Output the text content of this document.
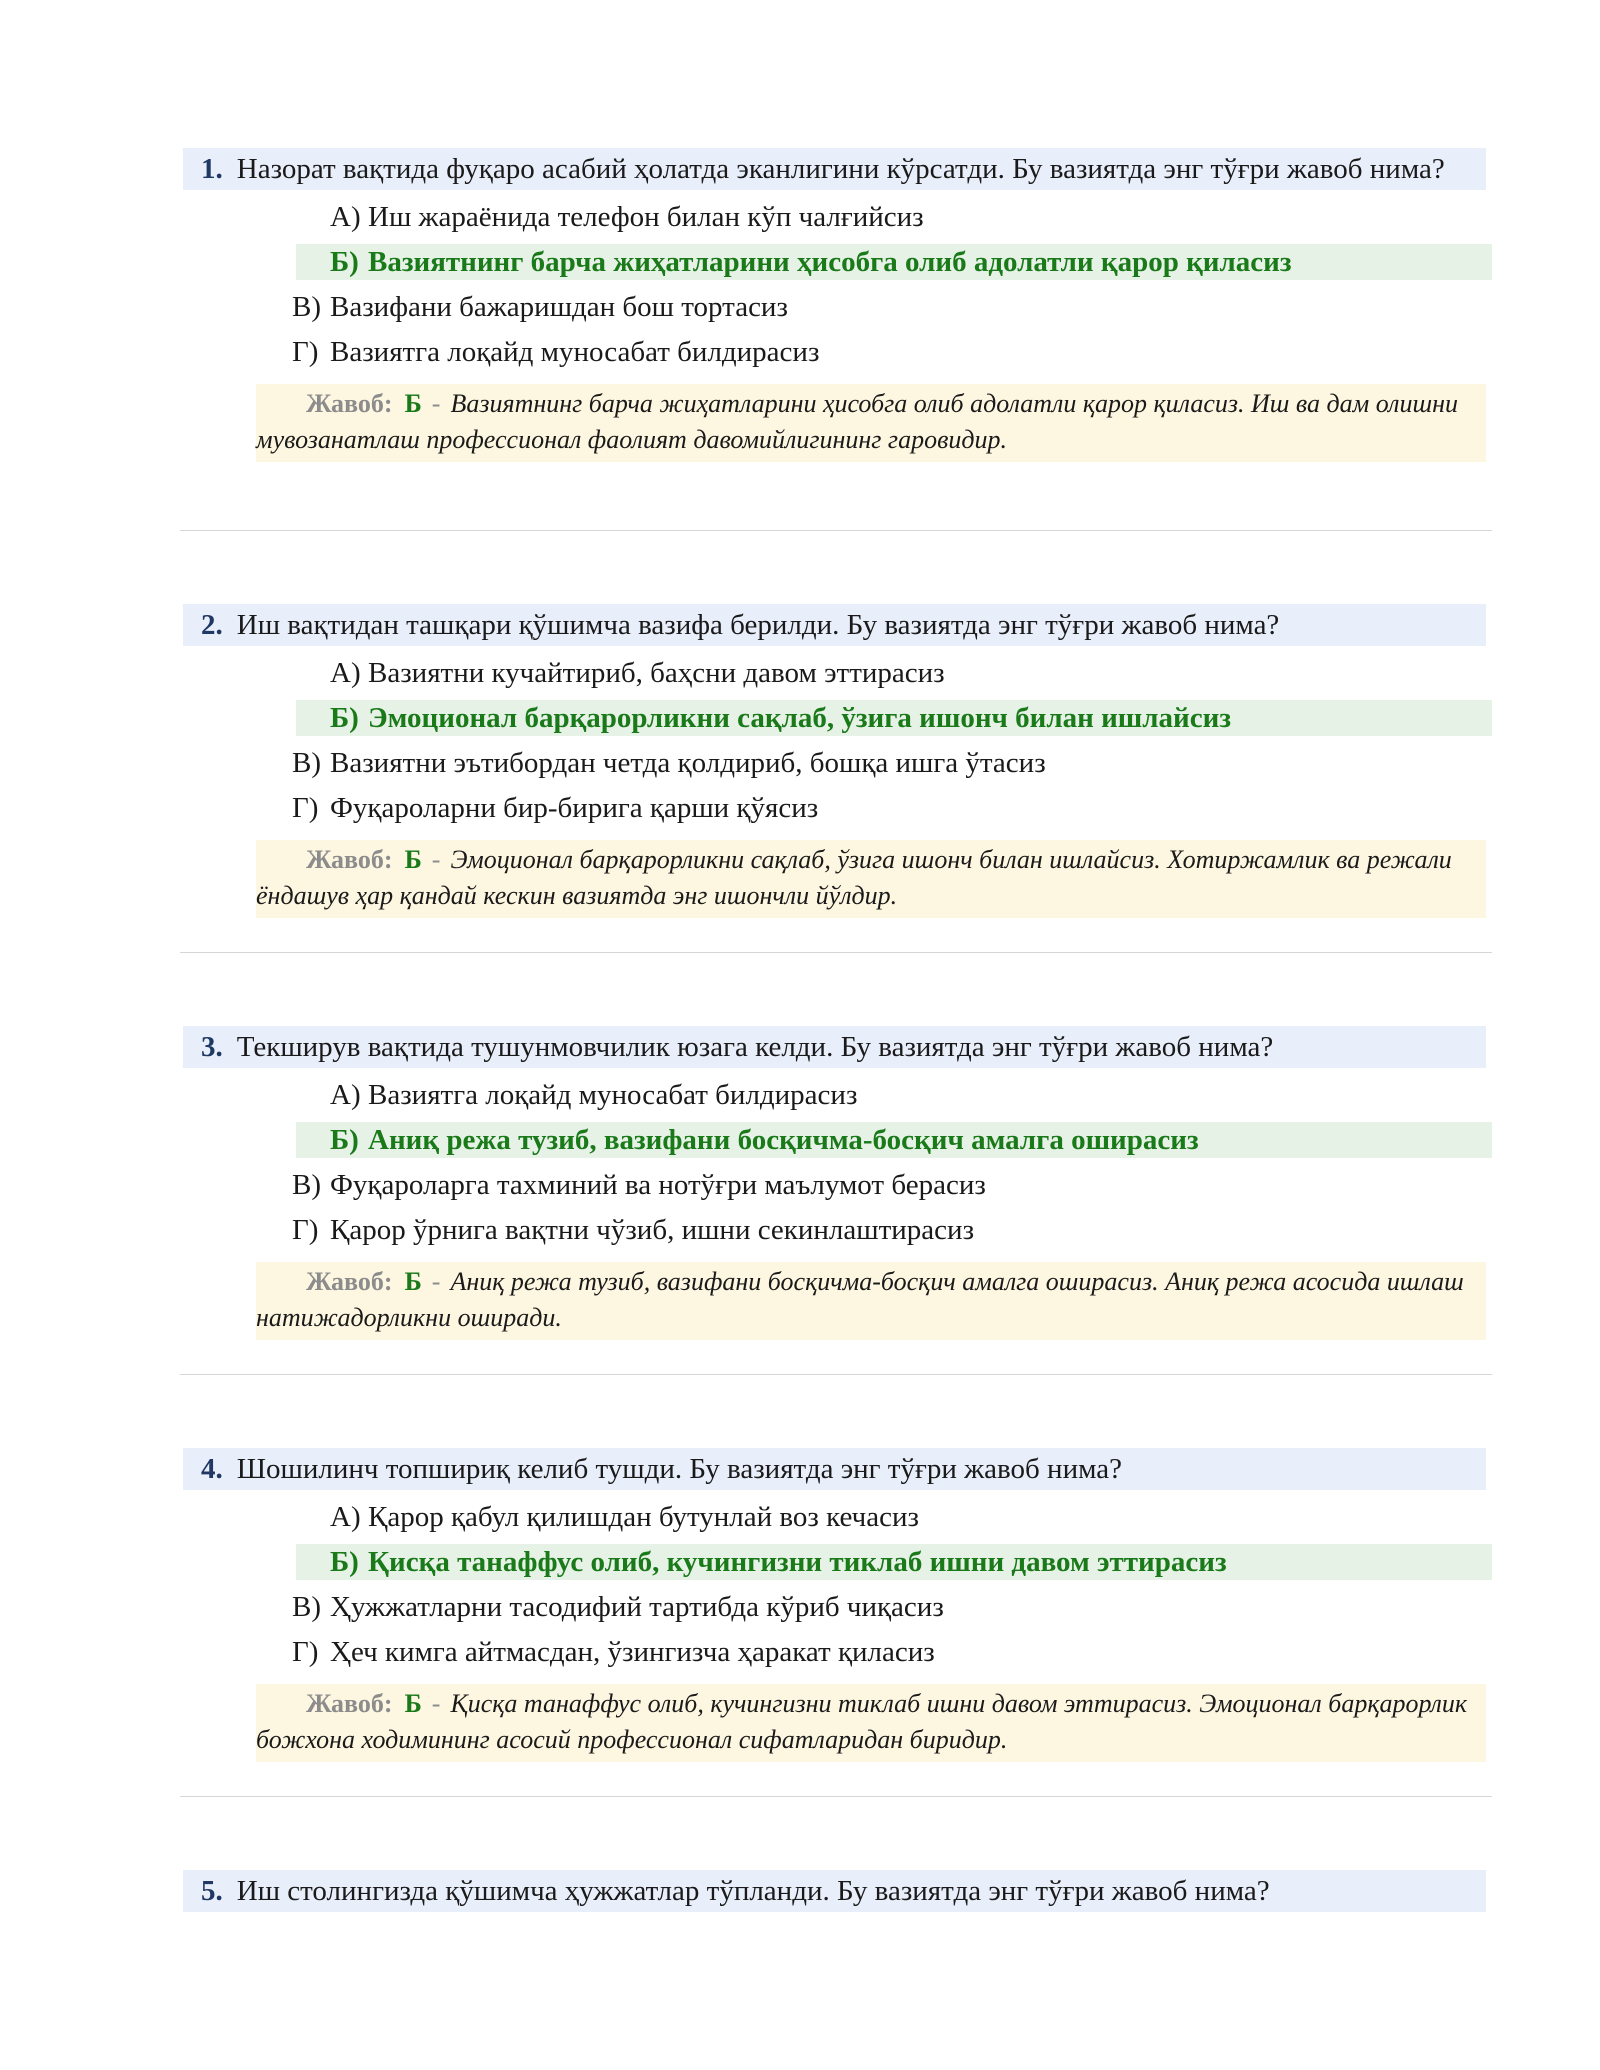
1. Назорат вақтида фуқаро асабий ҳолатда эканлигини кўрсатди. Бу вазиятда энг тўғри жавоб нима?
А) Иш жараёнида телефон билан кўп чалғийсиз
Б) Вазиятнинг барча жиҳатларини ҳисобга олиб адолатли қарор қиласиз
В) Вазифани бажаришдан бош тортасиз
Г) Вазиятга лоқайд муносабат билдирасиз
Жавоб: Б - Вазиятнинг барча жиҳатларини ҳисобга олиб адолатли қарор қиласиз. Иш ва дам олишни мувозанатлаш профессионал фаолият давомийлигининг гаровидир.
2. Иш вақтидан ташқари қўшимча вазифа берилди. Бу вазиятда энг тўғри жавоб нима?
А) Вазиятни кучайтириб, баҳсни давом эттирасиз
Б) Эмоционал барқарорликни сақлаб, ўзига ишонч билан ишлайсиз
В) Вазиятни эътибордан четда қолдириб, бошқа ишга ўтасиз
Г) Фуқароларни бир-бирига қарши қўясиз
Жавоб: Б - Эмоционал барқарорликни сақлаб, ўзига ишонч билан ишлайсиз. Хотиржамлик ва режали ёндашув ҳар қандай кескин вазиятда энг ишончли йўлдир.
3. Текширув вақтида тушунмовчилик юзага келди. Бу вазиятда энг тўғри жавоб нима?
А) Вазиятга лоқайд муносабат билдирасиз
Б) Аниқ режа тузиб, вазифани босқичма-босқич амалга оширасиз
В) Фуқароларга тахминий ва нотўғри маълумот берасиз
Г) Қарор ўрнига вақтни чўзиб, ишни секинлаштирасиз
Жавоб: Б - Аниқ режа тузиб, вазифани босқичма-босқич амалга оширасиз. Аниқ режа асосида ишлаш натижадорликни оширади.
4. Шошилинч топшириқ келиб тушди. Бу вазиятда энг тўғри жавоб нима?
А) Қарор қабул қилишдан бутунлай воз кечасиз
Б) Қисқа танаффус олиб, кучингизни тиклаб ишни давом эттирасиз
В) Ҳужжатларни тасодифий тартибда кўриб чиқасиз
Г) Ҳеч кимга айтмасдан, ўзингизча ҳаракат қиласиз
Жавоб: Б - Қисқа танаффус олиб, кучингизни тиклаб ишни давом эттирасиз. Эмоционал барқарорлик божхона ходимининг асосий профессионал сифатларидан биридир.
5. Иш столингизда қўшимча ҳужжатлар тўпланди. Бу вазиятда энг тўғри жавоб нима?
